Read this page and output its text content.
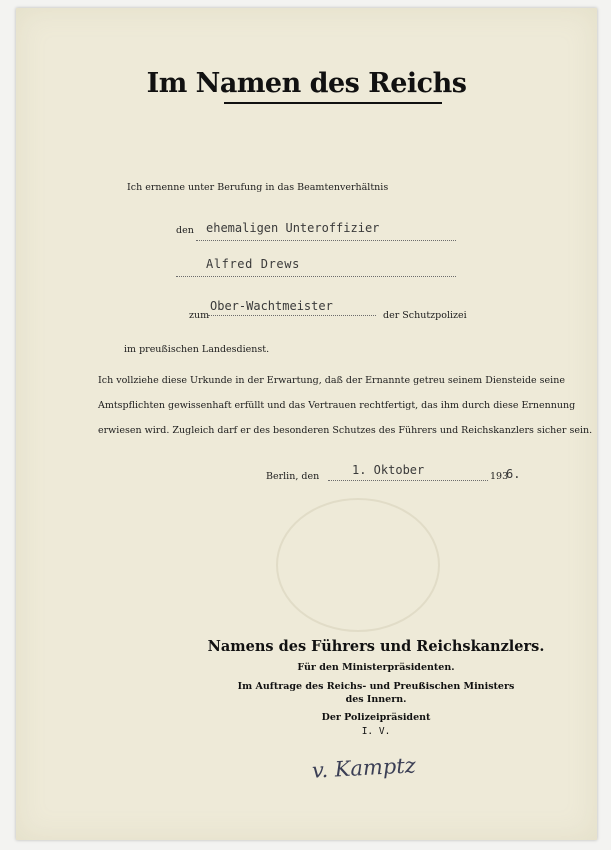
Im Namen des Reichs
Ich ernenne unter Berufung in das Beamtenverhältnis
den ehemaligen Unteroffizier
Alfred Drews
zum
Ober-Wachtmeister
der Schutzpolizei
im preußischen Landesdienst.
Ich vollziehe diese Urkunde in der Erwartung, daß der Ernannte getreu seinem Diensteide seine
Amtspflichten gewissenhaft erfüllt und das Vertrauen rechtfertigt, das ihm durch diese Ernennung
erwiesen wird. Zugleich darf er des besonderen Schutzes des Führers und Reichskanzlers sicher sein.
Berlin, den	1. Oktober	193
6.
Namens des Führers und Reichskanzlers.
Für den Ministerpräsidenten.
Im Auftrage des Reichs- und Preußischen Ministers
des Innern.
Der Polizeipräsident
I. V.
v. Kamptz
